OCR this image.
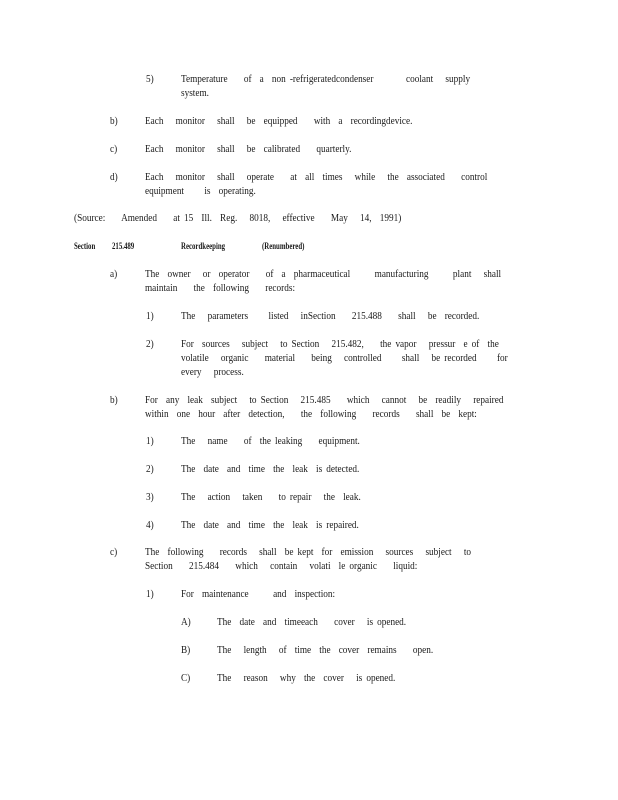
5)	Temperature    of  a  non -refrigeratedcondenser        coolant   supply
system.
b)	Each   monitor   shall   be  equipped    with  a  recordingdevice.
c)	Each   monitor   shall   be  calibrated    quarterly.
d)	Each   monitor   shall   operate    at  all  times   while   the  associated    control
equipment     is  operating.
(Source:    Amended    at 15  Ill.  Reg.   8018,   effective    May   14,  1991)
Section 215.489	Recordkeeping	(Renumbered)
a)	The  owner   or  operator    of  a  pharmaceutical      manufacturing      plant   shall
maintain    the  following    records:
1)	The   parameters     listed   inSection    215.488    shall   be  recorded.
2)	For  sources   subject   to Section   215.482,    the vapor   pressur  e of  the
volatile   organic    material    being   controlled     shall   be recorded     for
every   process.
b)	For  any  leak  subject   to Section   215.485    which   cannot   be  readily   repaired
within  one  hour  after  detection,    the  following    records    shall  be  kept:
1)	The   name    of  the leaking    equipment.
2)	The  date  and  time  the  leak  is detected.
3)	The   action   taken    to repair   the  leak.
4)	The  date  and  time  the  leak  is repaired.
c)	The  following    records   shall  be kept  for  emission   sources   subject   to
Section    215.484    which   contain   volati  le organic    liquid:
1)	For  maintenance      and  inspection:
A) The  date  and  timeeach    cover   is opened.
B)	The   length   of  time  the  cover  remains    open.
C)	The   reason   why  the  cover   is opened.
